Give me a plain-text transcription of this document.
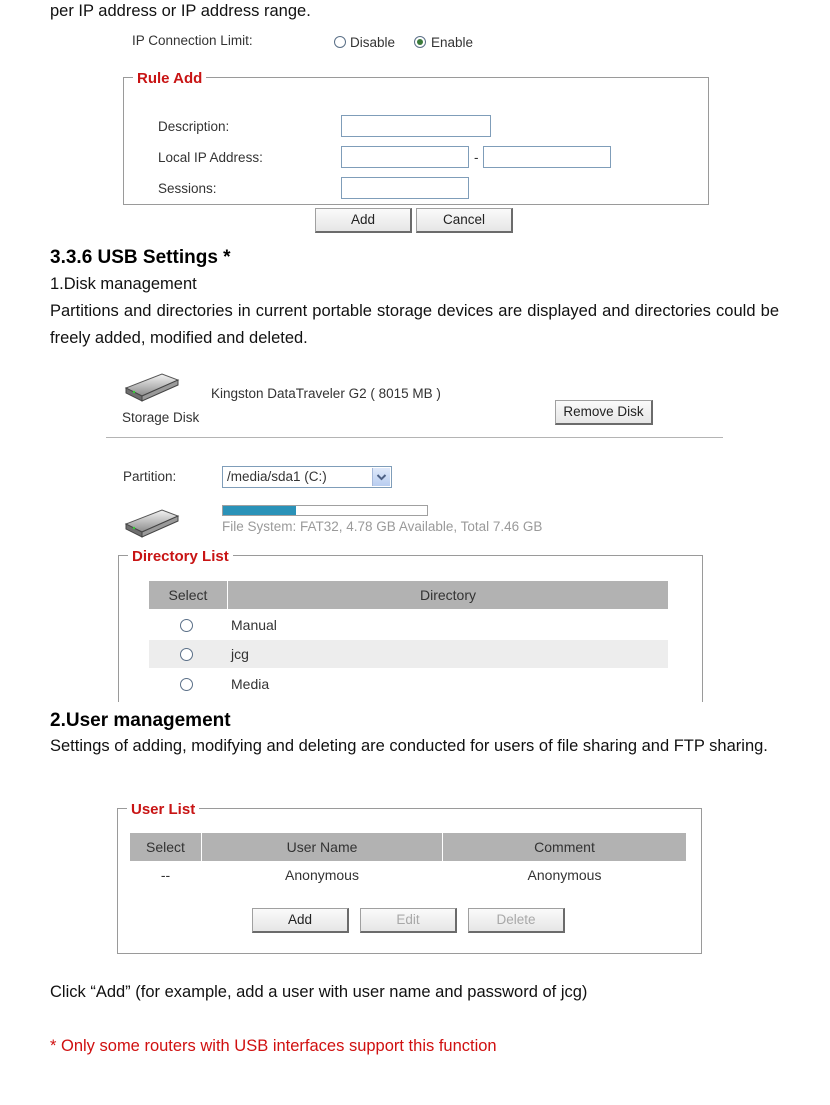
per IP address or IP address range.
IP Connection Limit:	Disable	Enable
Rule Add
Description:
Local IP Address:	-
Sessions:
Add	Cancel
3.3.6 USB Settings *
1.Disk management
Partitions and directories in current portable storage devices are displayed and directories could be freely added, modified and deleted.
Kingston DataTraveler G2 ( 8015 MB )
Storage Disk	Remove Disk
Partition:	/media/sda1 (C:)
File System: FAT32, 4.78 GB Available, Total 7.46 GB
Directory List
Select	Directory
Manual
jcg
Media
2.User management
Settings of adding, modifying and deleting are conducted for users of file sharing and FTP sharing.
User List
Select	User Name	Comment
--	Anonymous	Anonymous
Add	Edit	Delete
Click “Add” (for example, add a user with user name and password of jcg)
* Only some routers with USB interfaces support this function
